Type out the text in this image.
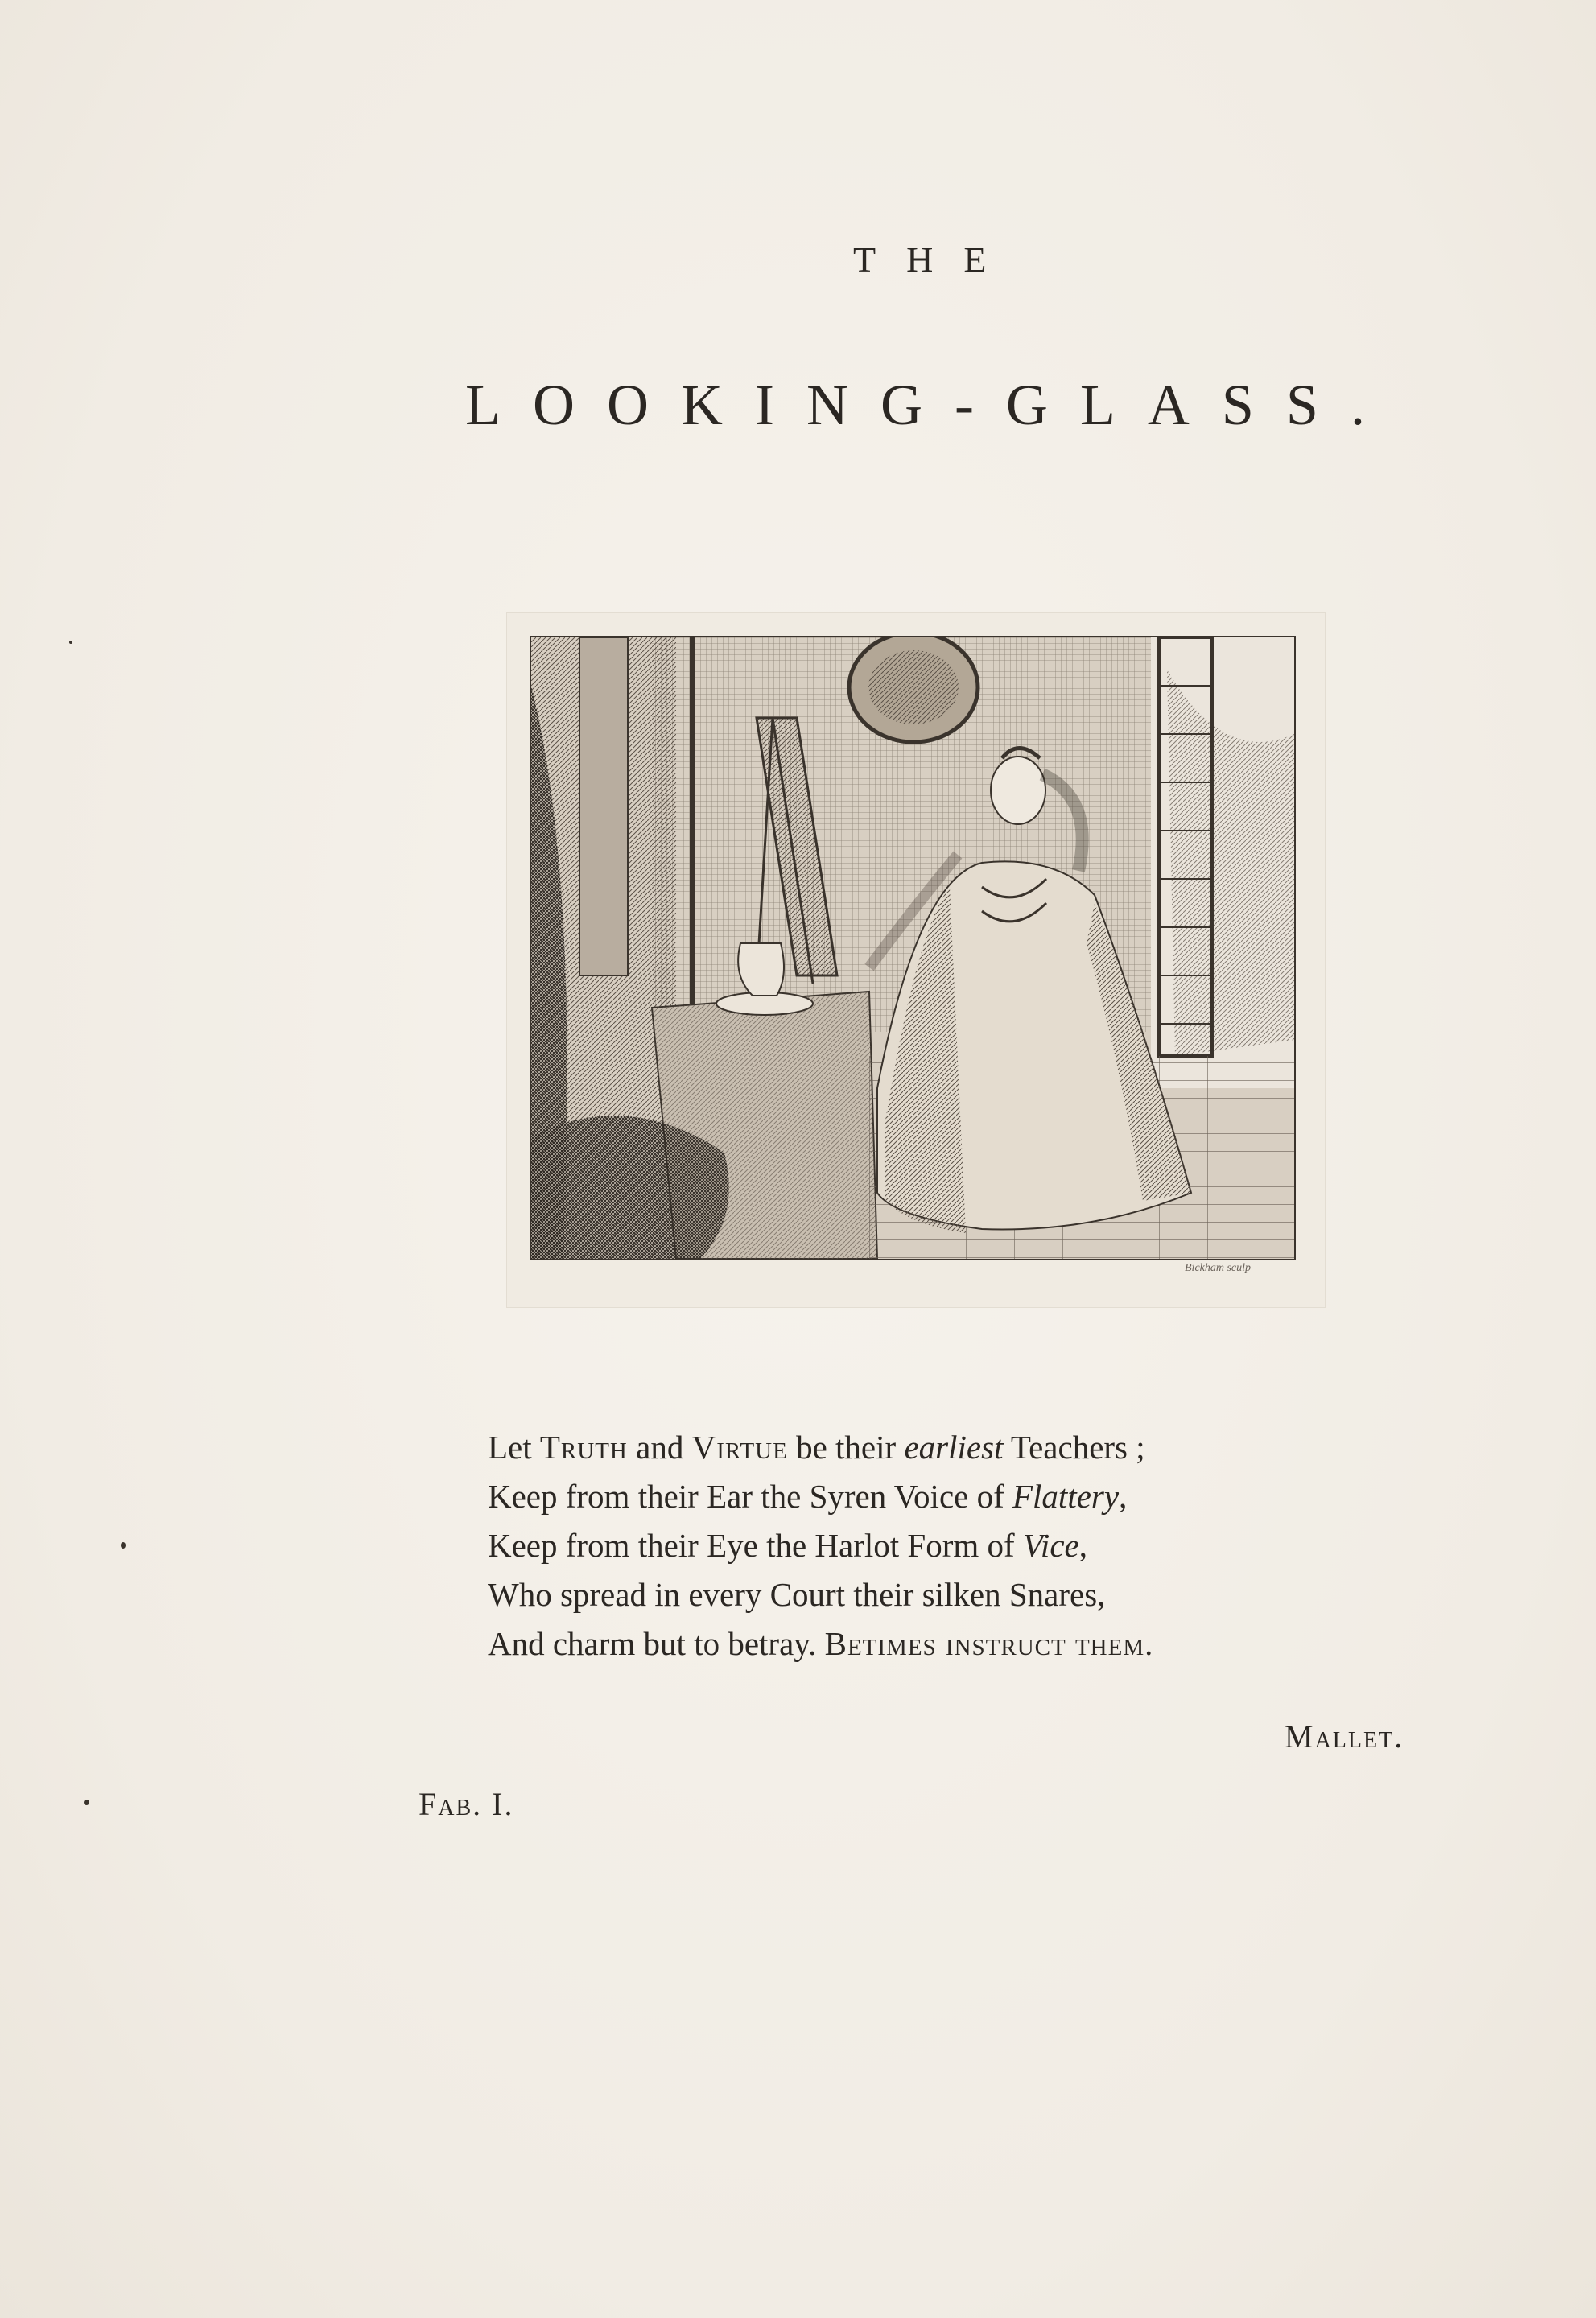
THE
LOOKING-GLASS.
Bickham sculp
Let Truth and Virtue be their earliest Teachers ;
Keep from their Ear the Syren Voice of Flattery,
Keep from their Eye the Harlot Form of Vice,
Who spread in every Court their silken Snares,
And charm but to betray. Betimes instruct them.
Mallet.
Fab. I.
